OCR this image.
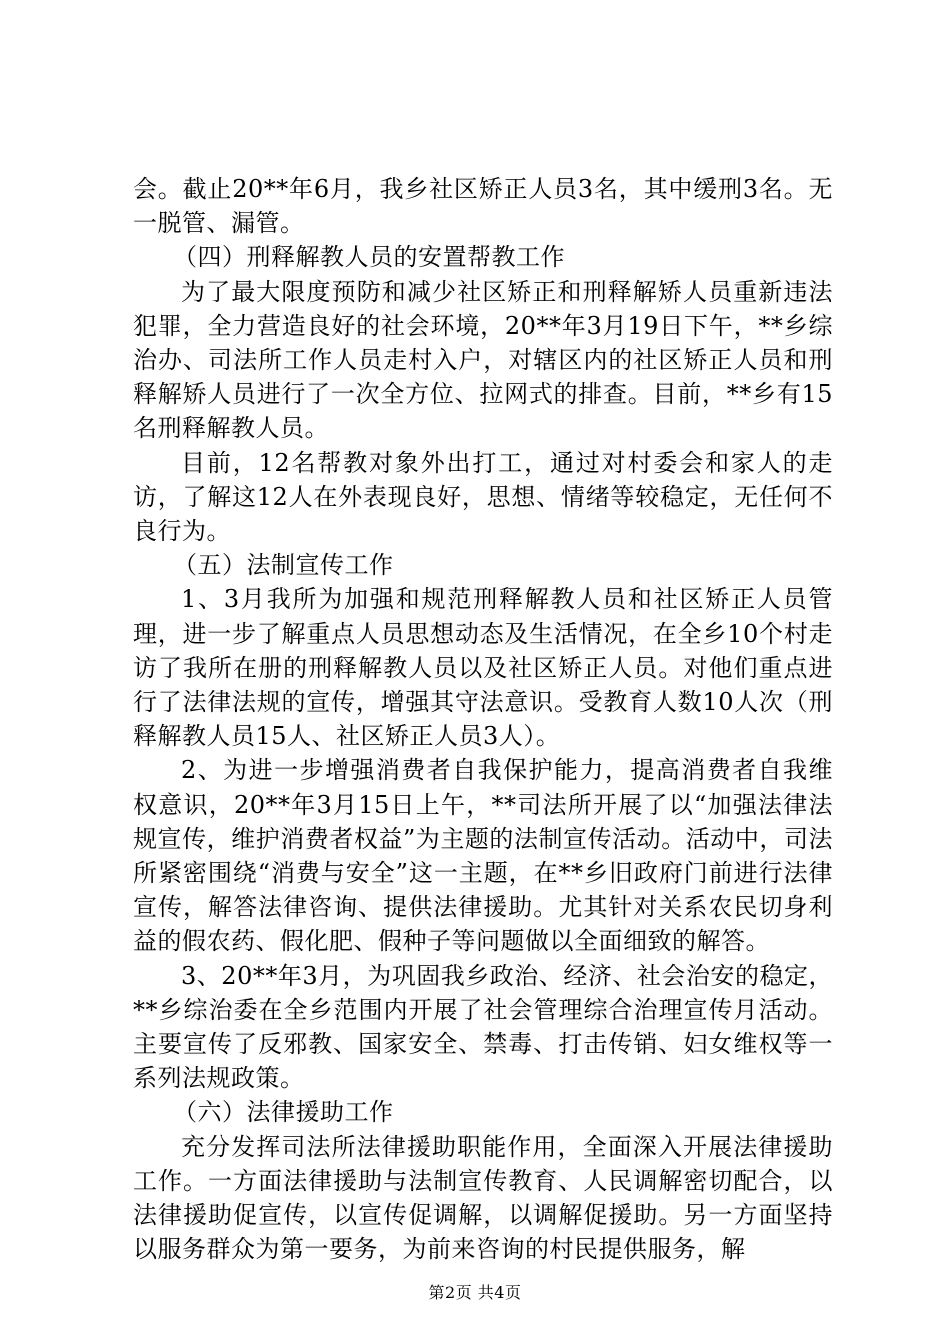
会。截止20**年6月，我乡社区矫正人员3名，其中缓刑3名。无一脱管、漏管。

（四）刑释解教人员的安置帮教工作

为了最大限度预防和减少社区矫正和刑释解矫人员重新违法犯罪，全力营造良好的社会环境，20**年3月19日下午，**乡综治办、司法所工作人员走村入户，对辖区内的社区矫正人员和刑释解矫人员进行了一次全方位、拉网式的排查。目前，**乡有15名刑释解教人员。

目前，12名帮教对象外出打工，通过对村委会和家人的走访，了解这12人在外表现良好，思想、情绪等较稳定，无任何不良行为。

（五）法制宣传工作

1、3月我所为加强和规范刑释解教人员和社区矫正人员管理，进一步了解重点人员思想动态及生活情况，在全乡10个村走访了我所在册的刑释解教人员以及社区矫正人员。对他们重点进行了法律法规的宣传，增强其守法意识。受教育人数10人次（刑释解教人员15人、社区矫正人员3人）。

2、为进一步增强消费者自我保护能力，提高消费者自我维权意识，20**年3月15日上午，**司法所开展了以“加强法律法规宣传，维护消费者权益”为主题的法制宣传活动。活动中，司法所紧密围绕“消费与安全”这一主题，在**乡旧政府门前进行法律宣传，解答法律咨询、提供法律援助。尤其针对关系农民切身利益的假农药、假化肥、假种子等问题做以全面细致的解答。

3、20**年3月，为巩固我乡政治、经济、社会治安的稳定，**乡综治委在全乡范围内开展了社会管理综合治理宣传月活动。主要宣传了反邪教、国家安全、禁毒、打击传销、妇女维权等一系列法规政策。

（六）法律援助工作

充分发挥司法所法律援助职能作用，全面深入开展法律援助工作。一方面法律援助与法制宣传教育、人民调解密切配合，以法律援助促宣传，以宣传促调解，以调解促援助。另一方面坚持以服务群众为第一要务，为前来咨询的村民提供服务，解

第2页 共4页
